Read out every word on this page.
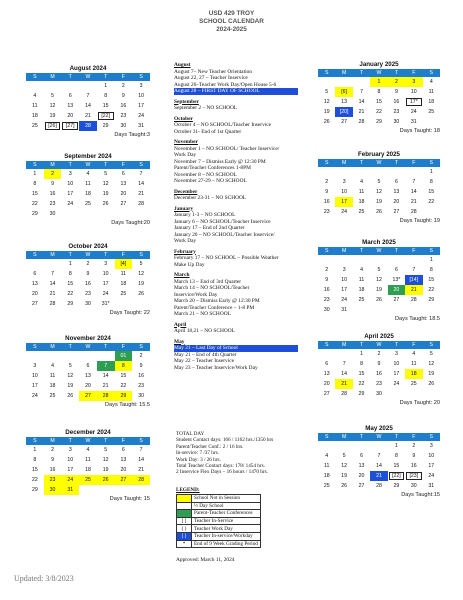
USD 429 TROY
SCHOOL CALENDAR
2024-2025
August 2024
S	M	T	W	T	F	S
				1	2	3
4	5	6	7	8	9	10
11	12	13	14	15	16	17
18	19	20	21	[22]	23	24
25	[26]	[27]	28	29	30	31
Days Taught:3
September 2024
S	M	T	W	T	F	S
1	2	3	4	5	6	7
8	9	10	11	12	13	14
15	16	17	18	19	20	21
22	23	24	25	26	27	28
29	30					
Days Taught:20
October 2024
S	M	T	W	T	F	S
		1	2	3	[4]	5
6	7	8	9	10	11	12
13	14	15	16	17	18	19
20	21	22	23	24	25	26
27	28	29	30	31*		
Days Taught: 22
November 2024
S	M	T	W	T	F	S
					01	2
3	4	5	6	7	8	9
10	11	12	13	14	15	16
17	18	19	20	21	22	23
24	25	26	27	28	29	30
Days Taught: 15.5
December 2024
S	M	T	W	T	F	S
1	2	3	4	5	6	7
8	9	10	11	12	13	14
15	16	17	18	19	20	21
22	23	24	25	26	27	28
29	30	31				
Days Taught: 15
January 2025
S	M	T	W	T	F	S
			1	2	3	4
5	[6]	7	8	9	10	11
12	13	14	15	16	17*	18
19	[20]	21	22	23	24	25
26	27	28	29	30	31	
Days Taught: 18
February 2025
S	M	T	W	T	F	S
						1
2	3	4	5	6	7	8
9	10	11	12	13	14	15
16	17	18	19	20	21	22
23	24	25	26	27	28	
Days Taught: 19
March 2025
S	M	T	W	T	F	S
						1
2	3	4	5	6	7	8
9	10	11	12	13*	[14]	15
16	17	18	19	20	21	22
23	24	25	26	27	28	29
30	31					
Days Taught: 18.5
April 2025
S	M	T	W	T	F	S
		1	2	3	4	5
6	7	8	9	10	11	12
13	14	15	16	17	18	19
20	21	22	23	24	25	26
27	28	29	30			
Days Taught: 20
May 2025
S	M	T	W	T	F	S
				1	2	3
4	5	6	7	8	9	10
11	12	13	14	15	16	17
18	19	20	21	[22]	[23]	24
25	26	27	28	29	30	31
Days Taught:15
August
August 7– New Teacher Orientation
August 22, 27 – Teacher Inservice
August 26–Teacher Work Day/Open House 5-6
August 28 – FIRST DAY OF SCHOOL
September
September 2 – NO SCHOOL
October
October 4 – NO SCHOOL/Teacher Inservice
October 31- End of 1st Quarter
November
November 1 – NO SCHOOL/ Teacher Inservice/
Work Day
November 7 – Dismiss Early @ 12:30 PM
Parent/Teacher Conferences 1-8PM
November 8 – NO SCHOOL
November 27-29 – NO SCHOOL
December
December 23-31 – NO SCHOOL
January
January 1-3 – NO SCHOOL
January 6 – NO SCHOOL/Teacher Inservice
January 17 – End of 2nd Quarter
January 20 – NO SCHOOL/Teacher Inservice/
Work Day
February
February 17 – NO SCHOOL – Possible Weather
Make Up Day
March
March 13 – End of 3rd Quarter
March 14 – NO SCHOOL/Teacher
Inservice/Work Day
March 20 – Dismiss Early @ 12:30 PM
Parent/Teacher Conference – 1-8 PM
March 21 – NO SCHOOL
April
April 18,21 – NO SCHOOL
May
May 21 – Last Day of School
May 21 – End of 4th Quarter
May 22 – Teacher Inservice
May 23 – Teacher Inservice/Work Day
TOTAL DAY
Student Contact days: 166 / 1162 hrs./1350 hrs
Parent/Teacher Conf.: 2 / 16 hrs.
In-service: 7 /37 hrs.
Work Day: 3 / 26 hrs.
Total Teacher Contact days: 178/ 1454 hrs.
2 Inservice Flex Days – 16 hours / 1470 hrs.
LEGEND:
	School Not in Session
	½ Day School
	Parent-Teacher Conferences
[ ]	Teacher In-Service
( )	Teacher Work Day
[ ]	Teacher In-service/Workday
*	End of 9 Week Grading Period
Approved: March 11, 2024
Updated: 3/8/2023
